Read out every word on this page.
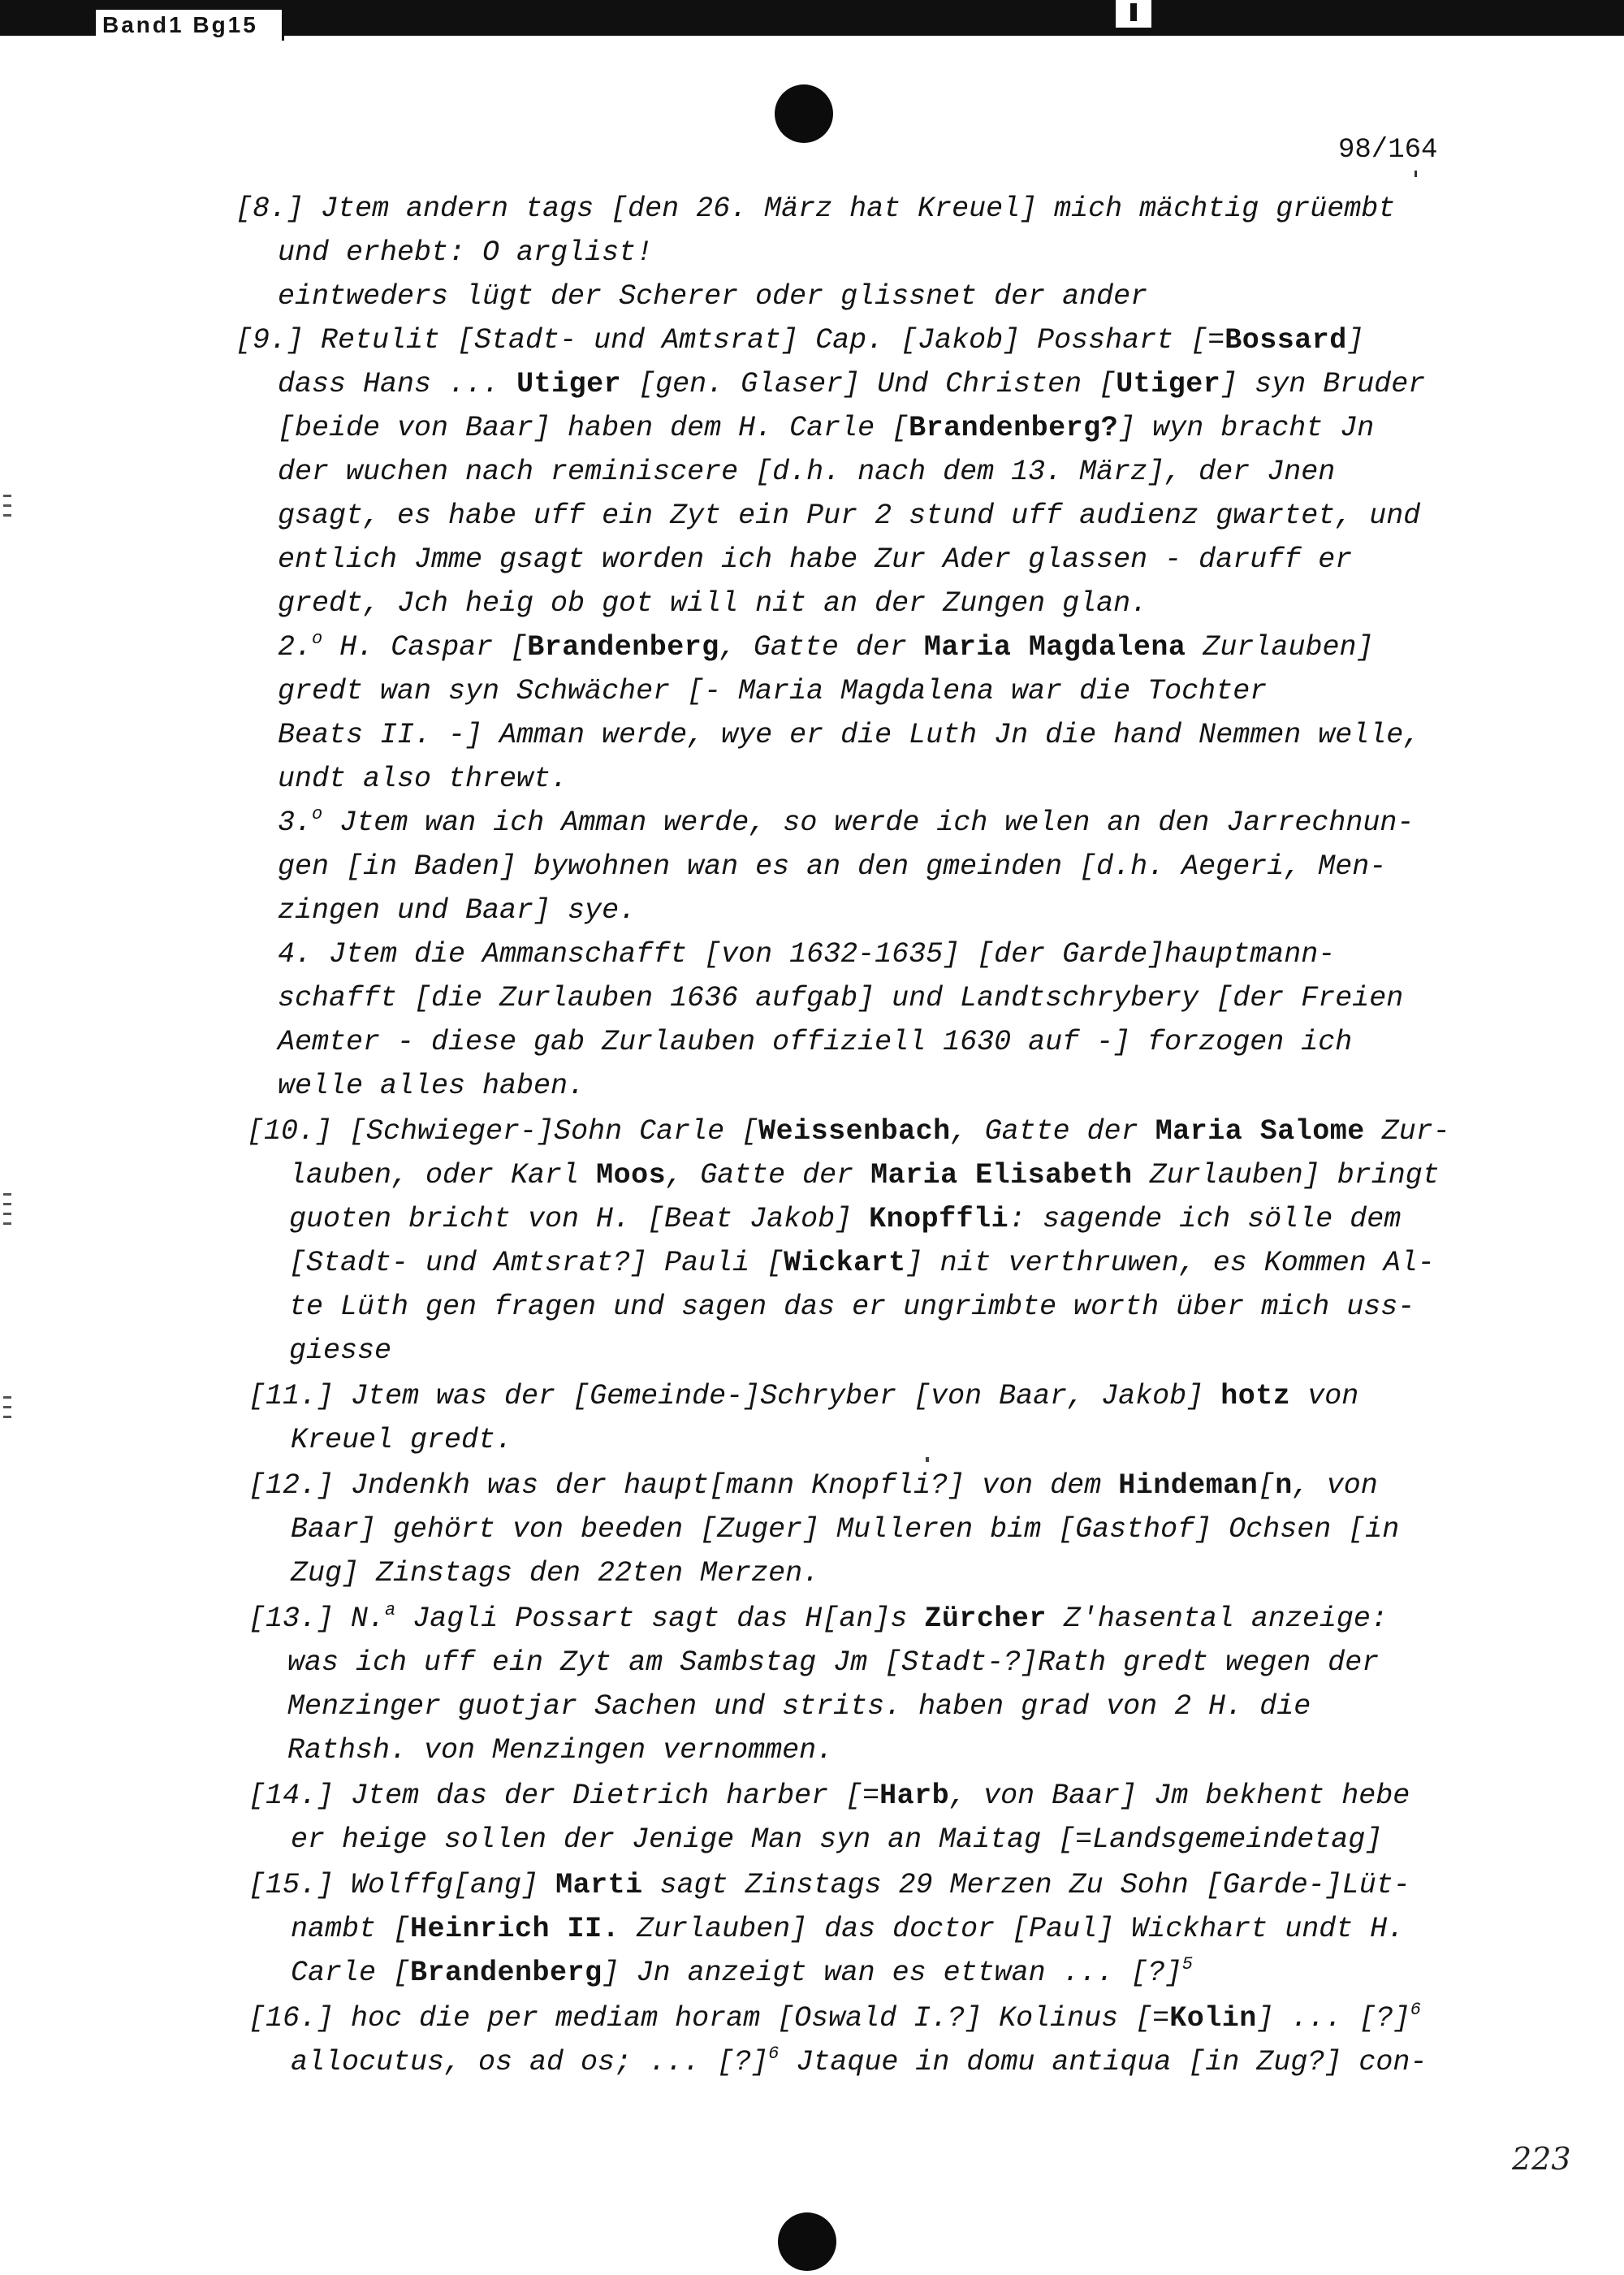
Band1 Bg15
98/164
[8.] Jtem andern tags [den 26. März hat Kreuel] mich mächtig grüembt
und erhebt: O arglist!
eintweders lügt der Scherer oder glissnet der ander
[9.] Retulit [Stadt- und Amtsrat] Cap. [Jakob] Posshart [=Bossard]
dass Hans ... Utiger [gen. Glaser] Und Christen [Utiger] syn Bruder
[beide von Baar] haben dem H. Carle [Brandenberg?] wyn bracht Jn
der wuchen nach reminiscere [d.h. nach dem 13. März], der Jnen
gsagt, es habe uff ein Zyt ein Pur 2 stund uff audienz gwartet, und
entlich Jmme gsagt worden ich habe Zur Ader glassen - daruff er
gredt, Jch heig ob got will nit an der Zungen glan.
2.$^o$ H. Caspar [Brandenberg, Gatte der Maria Magdalena Zurlauben]
gredt wan syn Schwächer [- Maria Magdalena war die Tochter
Beats II. -] Amman werde, wye er die Luth Jn die hand Nemmen welle,
undt also threwt.
3.$^o$ Jtem wan ich Amman werde, so werde ich welen an den Jarrechnun-
gen [in Baden] bywohnen wan es an den gmeinden [d.h. Aegeri, Men-
zingen und Baar] sye.
4. Jtem die Ammanschafft [von 1632-1635] [der Garde]hauptmann-
schafft [die Zurlauben 1636 aufgab] und Landtschrybery [der Freien
Aemter - diese gab Zurlauben offiziell 1630 auf -] forzogen ich
welle alles haben.
[10.] [Schwieger-]Sohn Carle [Weissenbach, Gatte der Maria Salome Zur-
lauben, oder Karl Moos, Gatte der Maria Elisabeth Zurlauben] bringt
guoten bricht von H. [Beat Jakob] Knopffli: sagende ich sölle dem
[Stadt- und Amtsrat?] Pauli [Wickart] nit verthruwen, es Kommen Al-
te Lüth gen fragen und sagen das er ungrimbte worth über mich uss-
giesse
[11.] Jtem was der [Gemeinde-]Schryber [von Baar, Jakob] hotz von
Kreuel gredt.
[12.] Jndenkh was der haupt[mann Knopfli?] von dem Hindeman[n, von
Baar] gehört von beeden [Zuger] Mulleren bim [Gasthof] Ochsen [in
Zug] Zinstags den 22ten Merzen.
[13.] N.$^a$ Jagli Possart sagt das H[an]s Zürcher Z'hasental anzeige:
was ich uff ein Zyt am Sambstag Jm [Stadt-?]Rath gredt wegen der
Menzinger guotjar Sachen und strits. haben grad von 2 H. die
Rathsh. von Menzingen vernommen.
[14.] Jtem das der Dietrich harber [=Harb, von Baar] Jm bekhent hebe
er heige sollen der Jenige Man syn an Maitag [=Landsgemeindetag]
[15.] Wolffg[ang] Marti sagt Zinstags 29 Merzen Zu Sohn [Garde-]Lüt-
nambt [Heinrich II. Zurlauben] das doctor [Paul] Wickhart undt H.
Carle [Brandenberg] Jn anzeigt wan es ettwan ... [?]$^5$
[16.] hoc die per mediam horam [Oswald I.?] Kolinus [=Kolin] ... [?]$^6$
allocutus, os ad os; ... [?]$^6$ Jtaque in domu antiqua [in Zug?] con-
223
